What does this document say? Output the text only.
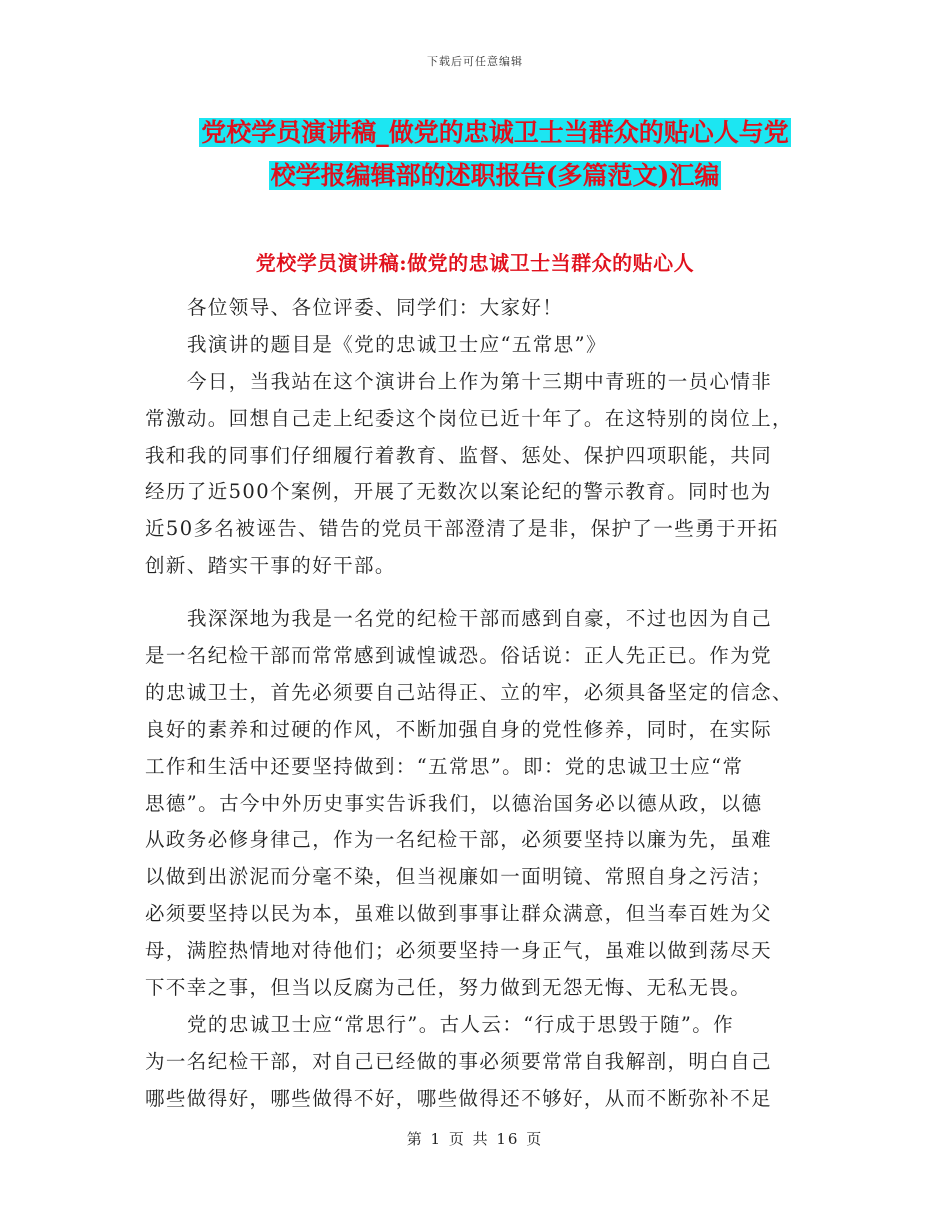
下载后可任意编辑
党校学员演讲稿_做党的忠诚卫士当群众的贴心人与党
校学报编辑部的述职报告(多篇范文)汇编
党校学员演讲稿:做党的忠诚卫士当群众的贴心人
各位领导、各位评委、同学们：大家好！
我演讲的题目是《党的忠诚卫士应“五常思”》
今日，当我站在这个演讲台上作为第十三期中青班的一员心情非
常激动。回想自己走上纪委这个岗位已近十年了。在这特别的岗位上，
我和我的同事们仔细履行着教育、监督、惩处、保护四项职能，共同
经历了近500个案例，开展了无数次以案论纪的警示教育。同时也为
近50多名被诬告、错告的党员干部澄清了是非，保护了一些勇于开拓
创新、踏实干事的好干部。
我深深地为我是一名党的纪检干部而感到自豪，不过也因为自己
是一名纪检干部而常常感到诚惶诚恐。俗话说：正人先正已。作为党
的忠诚卫士，首先必须要自己站得正、立的牢，必须具备坚定的信念、
良好的素养和过硬的作风，不断加强自身的党性修养，同时，在实际
工作和生活中还要坚持做到：“五常思”。即：党的忠诚卫士应“常
思德”。古今中外历史事实告诉我们，以德治国务必以德从政，以德
从政务必修身律己，作为一名纪检干部，必须要坚持以廉为先，虽难
以做到出淤泥而分毫不染，但当视廉如一面明镜、常照自身之污洁；
必须要坚持以民为本，虽难以做到事事让群众满意，但当奉百姓为父
母，满腔热情地对待他们；必须要坚持一身正气，虽难以做到荡尽天
下不幸之事，但当以反腐为己任，努力做到无怨无悔、无私无畏。
党的忠诚卫士应“常思行”。古人云：“行成于思毁于随”。作
为一名纪检干部，对自己已经做的事必须要常常自我解剖，明白自己
哪些做得好，哪些做得不好，哪些做得还不够好，从而不断弥补不足
第 1 页 共 16 页
